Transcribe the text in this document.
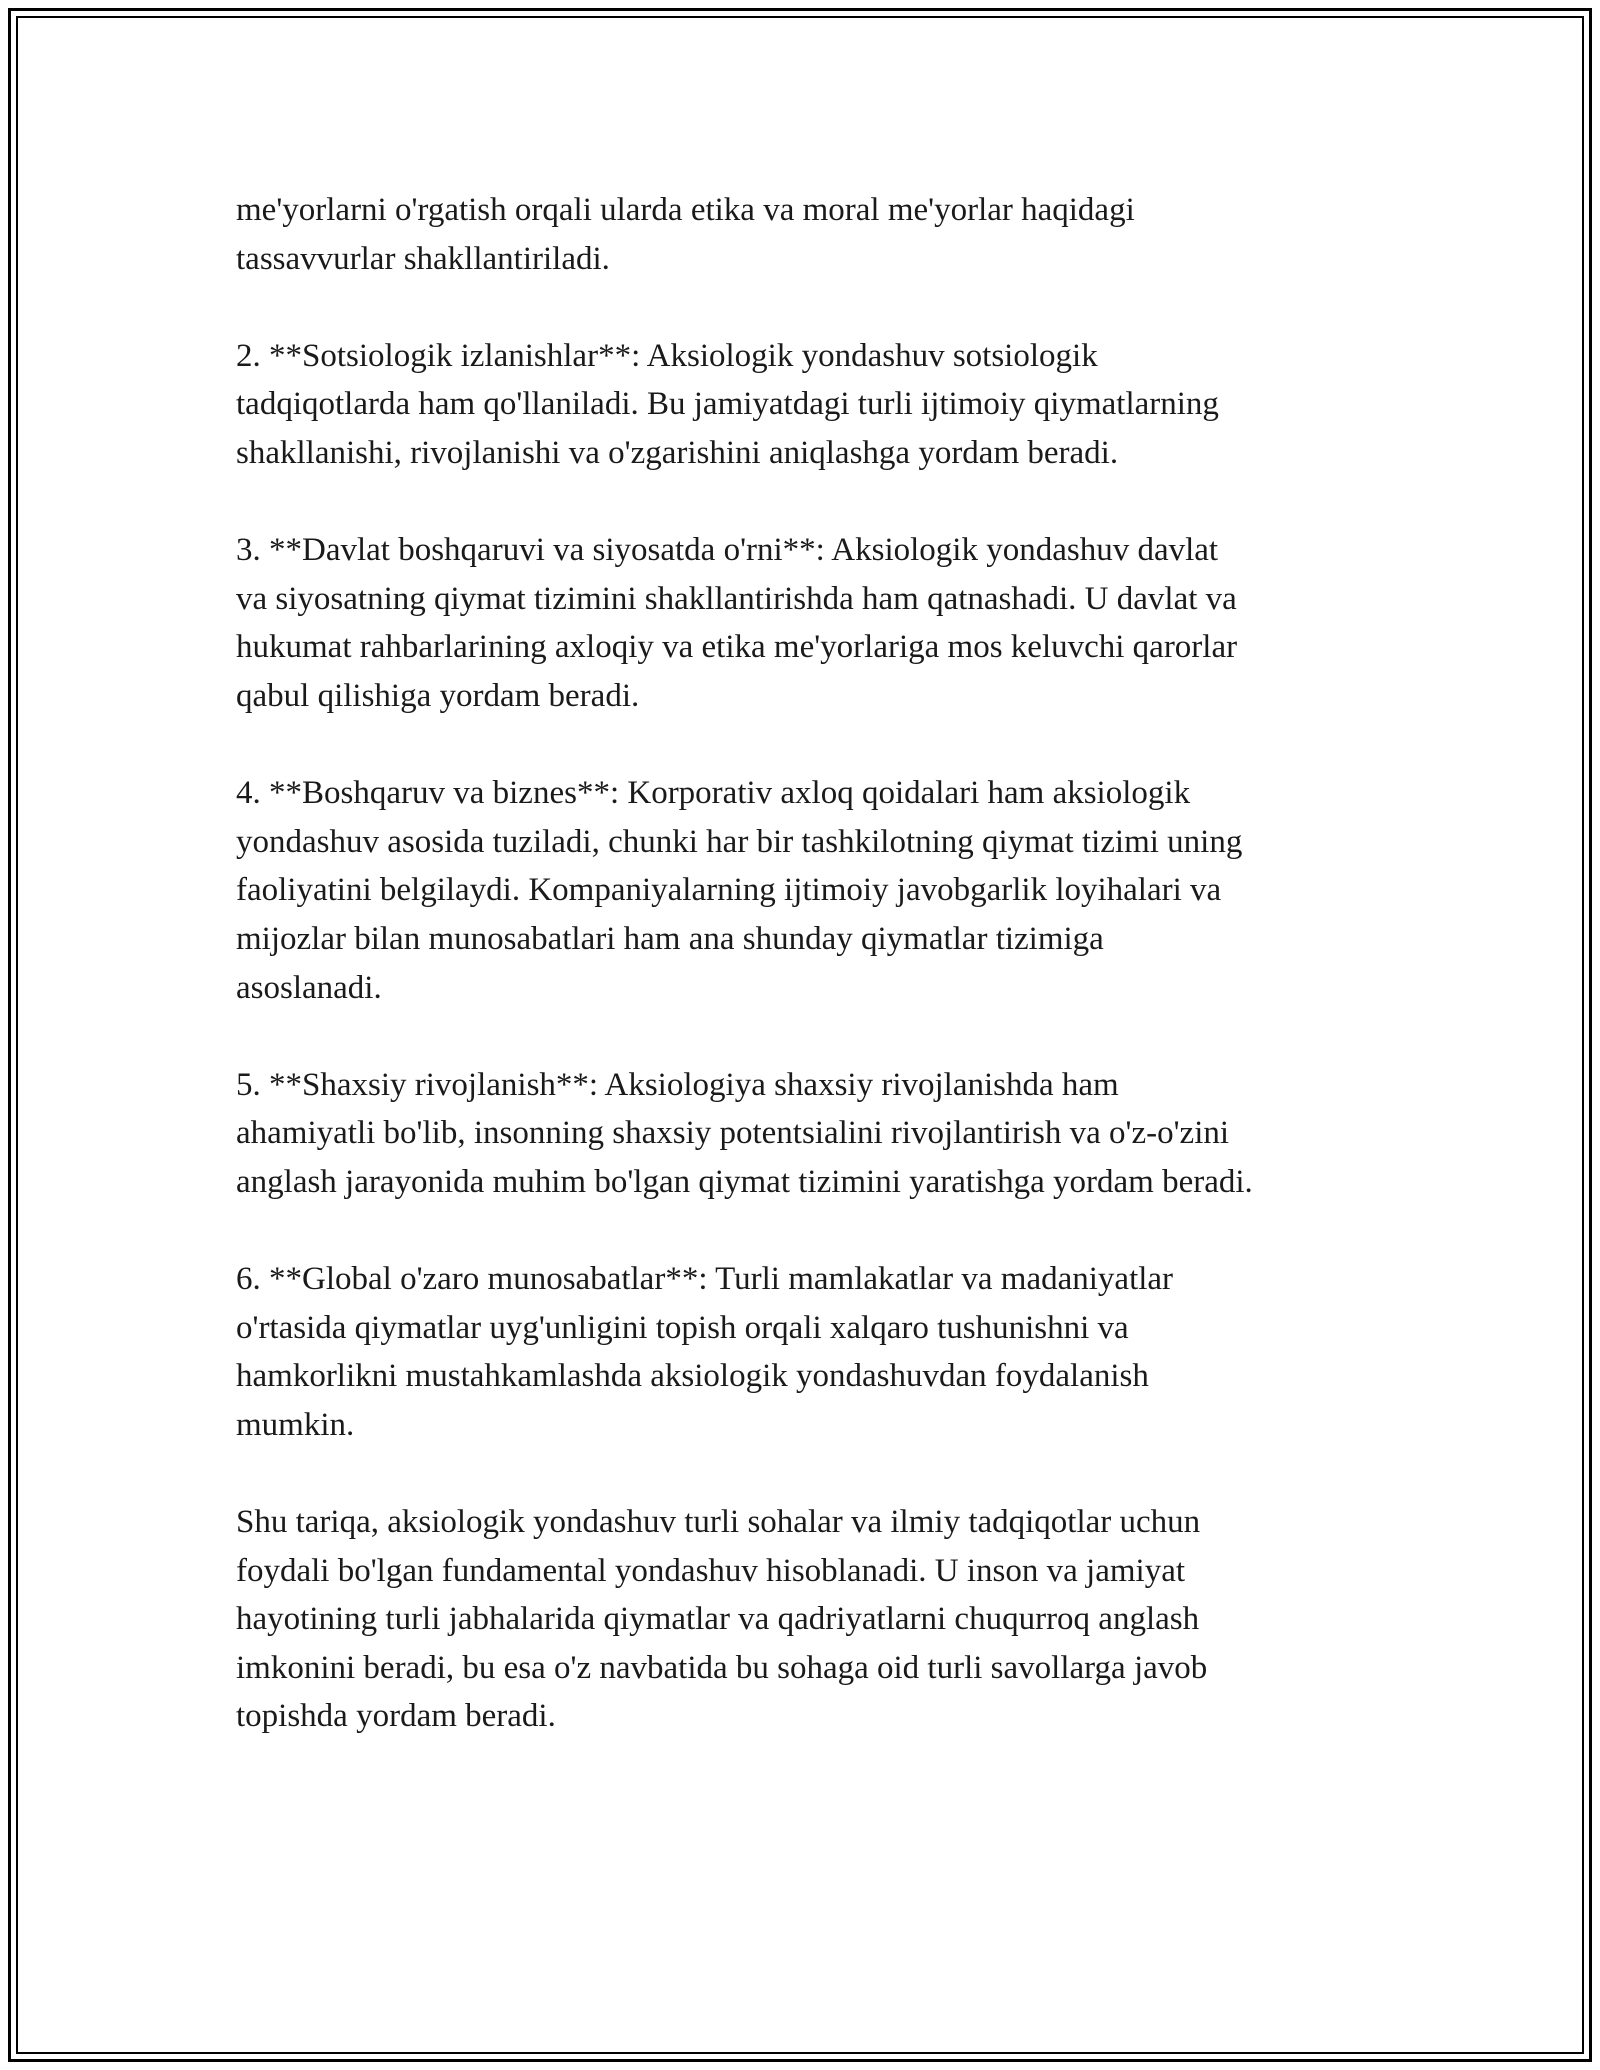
me'yorlarni o'rgatish orqali ularda etika va moral me'yorlar haqidagi
tassavvurlar shakllantiriladi.

2. **Sotsiologik izlanishlar**: Aksiologik yondashuv sotsiologik
tadqiqotlarda ham qo'llaniladi. Bu jamiyatdagi turli ijtimoiy qiymatlarning
shakllanishi, rivojlanishi va o'zgarishini aniqlashga yordam beradi.

3. **Davlat boshqaruvi va siyosatda o'rni**: Aksiologik yondashuv davlat
va siyosatning qiymat tizimini shakllantirishda ham qatnashadi. U davlat va
hukumat rahbarlarining axloqiy va etika me'yorlariga mos keluvchi qarorlar
qabul qilishiga yordam beradi.

4. **Boshqaruv va biznes**: Korporativ axloq qoidalari ham aksiologik
yondashuv asosida tuziladi, chunki har bir tashkilotning qiymat tizimi uning
faoliyatini belgilaydi. Kompaniyalarning ijtimoiy javobgarlik loyihalari va
mijozlar bilan munosabatlari ham ana shunday qiymatlar tizimiga
asoslanadi.

5. **Shaxsiy rivojlanish**: Aksiologiya shaxsiy rivojlanishda ham
ahamiyatli bo'lib, insonning shaxsiy potentsialini rivojlantirish va o'z-o'zini
anglash jarayonida muhim bo'lgan qiymat tizimini yaratishga yordam beradi.

6. **Global o'zaro munosabatlar**: Turli mamlakatlar va madaniyatlar
o'rtasida qiymatlar uyg'unligini topish orqali xalqaro tushunishni va
hamkorlikni mustahkamlashda aksiologik yondashuvdan foydalanish
mumkin.

Shu tariqa, aksiologik yondashuv turli sohalar va ilmiy tadqiqotlar uchun
foydali bo'lgan fundamental yondashuv hisoblanadi. U inson va jamiyat
hayotining turli jabhalarida qiymatlar va qadriyatlarni chuqurroq anglash
imkonini beradi, bu esa o'z navbatida bu sohaga oid turli savollarga javob
topishda yordam beradi.
